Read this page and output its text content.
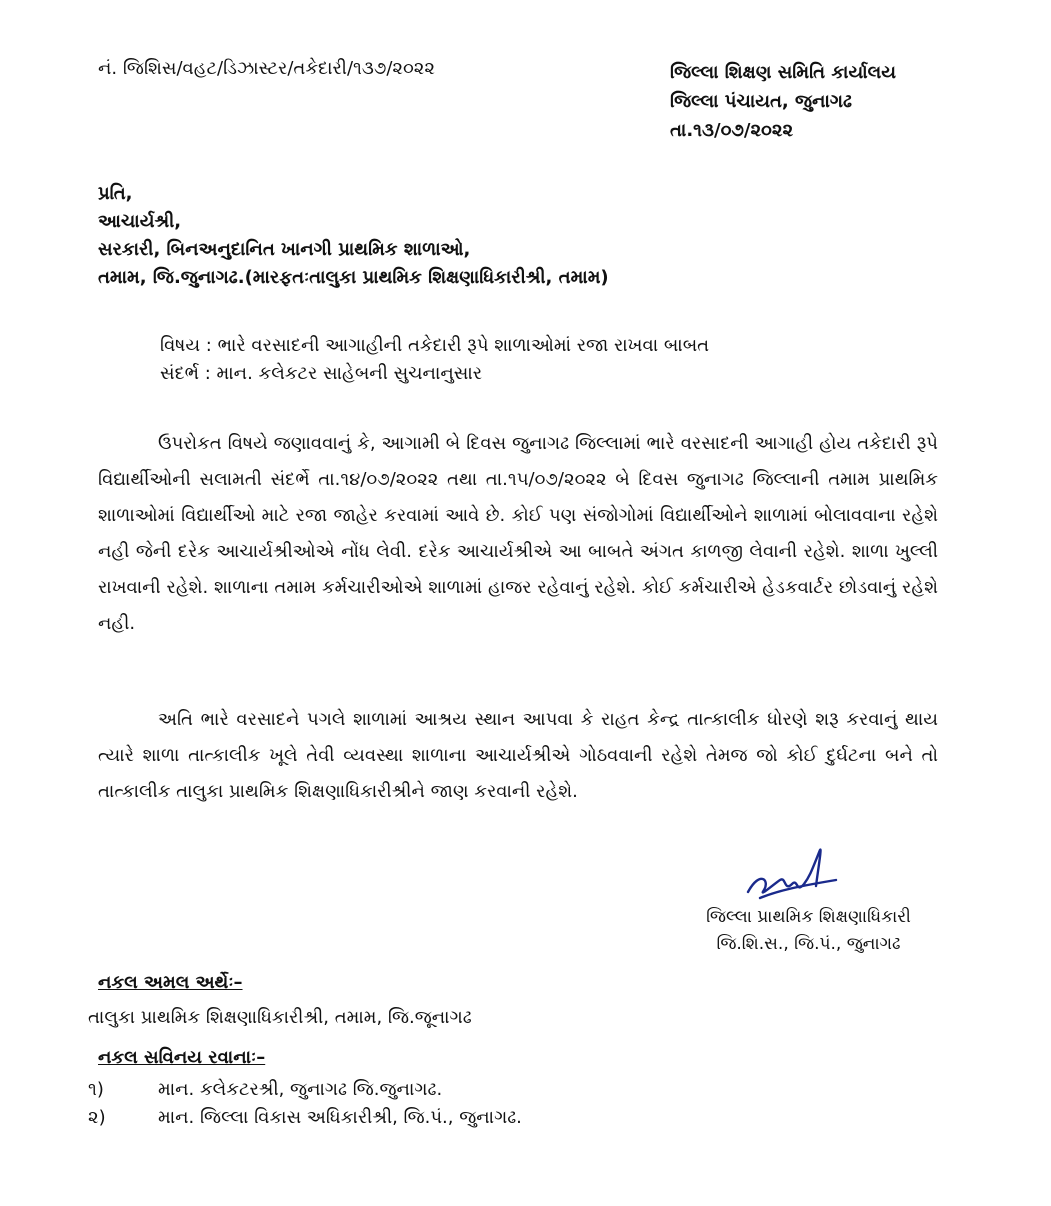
નં. જિશિસ/વહટ/ડિઝાસ્ટર/તકેદારી/૧૩૭/૨૦૨૨	જિલ્લા શિક્ષણ સમિતિ કાર્યાલય
જિલ્લા પંચાયત, જુનાગઢ
તા.૧૩/૦૭/૨૦૨૨
પ્રતિ,
આચાર્યશ્રી,
સરકારી, બિનઅનુદાનિત ખાનગી પ્રાથમિક શાળાઓ,
તમામ, જિ.જુનાગઢ.(મારફતઃતાલુકા પ્રાથમિક શિક્ષણાધિકારીશ્રી, તમામ)
વિષય : ભારે વરસાદની આગાહીની તકેદારી રૂપે શાળાઓમાં રજા રાખવા બાબત
સંદર્ભ : માન. કલેકટર સાહેબની સુચનાનુસાર
ઉપરોકત વિષયે જણાવવાનું કે, આગામી બે દિવસ જુનાગઢ જિલ્લામાં ભારે વરસાદની આગાહી હોય તકેદારી રૂપે વિદ્યાર્થીઓની સલામતી સંદર્ભે તા.૧૪/૦૭/૨૦૨૨ તથા તા.૧૫/૦૭/૨૦૨૨ બે દિવસ જુનાગઢ જિલ્લાની તમામ પ્રાથમિક શાળાઓમાં વિદ્યાર્થીઓ માટે રજા જાહેર કરવામાં આવે છે. કોઈ પણ સંજોગોમાં વિદ્યાર્થીઓને શાળામાં બોલાવવાના રહેશે નહી જેની દરેક આચાર્યશ્રીઓએ નોંધ લેવી. દરેક આચાર્યશ્રીએ આ બાબતે અંગત કાળજી લેવાની રહેશે. શાળા ખુલ્લી રાખવાની રહેશે. શાળાના તમામ કર્મચારીઓએ શાળામાં હાજર રહેવાનું રહેશે. કોઈ કર્મચારીએ હેડકવાર્ટર છોડવાનું રહેશે નહી.
અતિ ભારે વરસાદને પગલે શાળામાં આશ્રય સ્થાન આપવા કે રાહત કેન્દ્ર તાત્કાલીક ધોરણે શરૂ કરવાનું થાય ત્યારે શાળા તાત્કાલીક ખૂલે તેવી વ્યવસ્થા શાળાના આચાર્યશ્રીએ ગોઠવવાની રહેશે તેમજ જો કોઈ દુર્ઘટના બને તો તાત્કાલીક તાલુકા પ્રાથમિક શિક્ષણાધિકારીશ્રીને જાણ કરવાની રહેશે.
જિલ્લા પ્રાથમિક શિક્ષણાધિકારી
જિ.શિ.સ., જિ.પં., જુનાગઢ
નકલ અમલ અર્થેઃ–
તાલુકા પ્રાથમિક શિક્ષણાધિકારીશ્રી, તમામ, જિ.જૂનાગઢ
નકલ સવિનય રવાનાઃ–
૧)	માન. કલેકટરશ્રી, જુનાગઢ જિ.જુનાગઢ.
૨)	માન. જિલ્લા વિકાસ અધિકારીશ્રી, જિ.પં., જુનાગઢ.
